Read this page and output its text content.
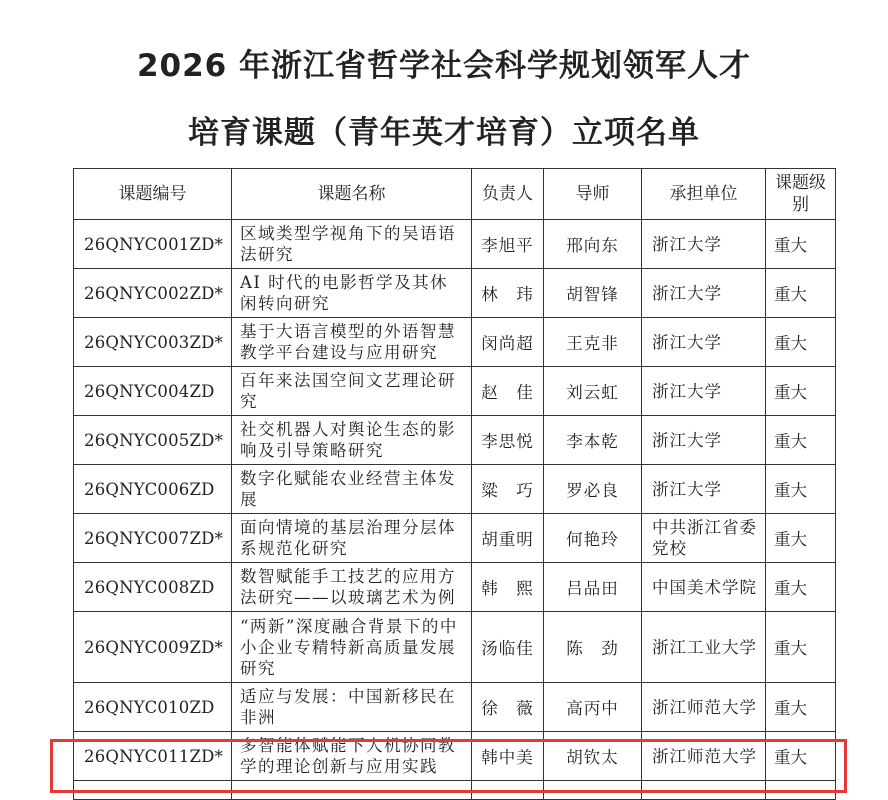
2026 年浙江省哲学社会科学规划领军人才
培育课题（青年英才培育）立项名单
课题编号	课题名称	负责人	导师	承担单位	课题级别
26QNYC001ZD*	区域类型学视角下的吴语语法研究	李旭平	邢向东	浙江大学	重大
26QNYC002ZD*	AI 时代的电影哲学及其休闲转向研究	林　玮	胡智锋	浙江大学	重大
26QNYC003ZD*	基于大语言模型的外语智慧教学平台建设与应用研究	闵尚超	王克非	浙江大学	重大
26QNYC004ZD	百年来法国空间文艺理论研究	赵　佳	刘云虹	浙江大学	重大
26QNYC005ZD*	社交机器人对舆论生态的影响及引导策略研究	李思悦	李本乾	浙江大学	重大
26QNYC006ZD	数字化赋能农业经营主体发展	粱　巧	罗必良	浙江大学	重大
26QNYC007ZD*	面向情境的基层治理分层体系规范化研究	胡重明	何艳玲	中共浙江省委党校	重大
26QNYC008ZD	数智赋能手工技艺的应用方法研究——以玻璃艺术为例	韩　熙	吕品田	中国美术学院	重大
26QNYC009ZD*	“两新”深度融合背景下的中小企业专精特新高质量发展研究	汤临佳	陈　劲	浙江工业大学	重大
26QNYC010ZD	适应与发展：中国新移民在非洲	徐　薇	高丙中	浙江师范大学	重大
26QNYC011ZD*	多智能体赋能下人机协同教学的理论创新与应用实践	韩中美	胡钦太	浙江师范大学	重大
